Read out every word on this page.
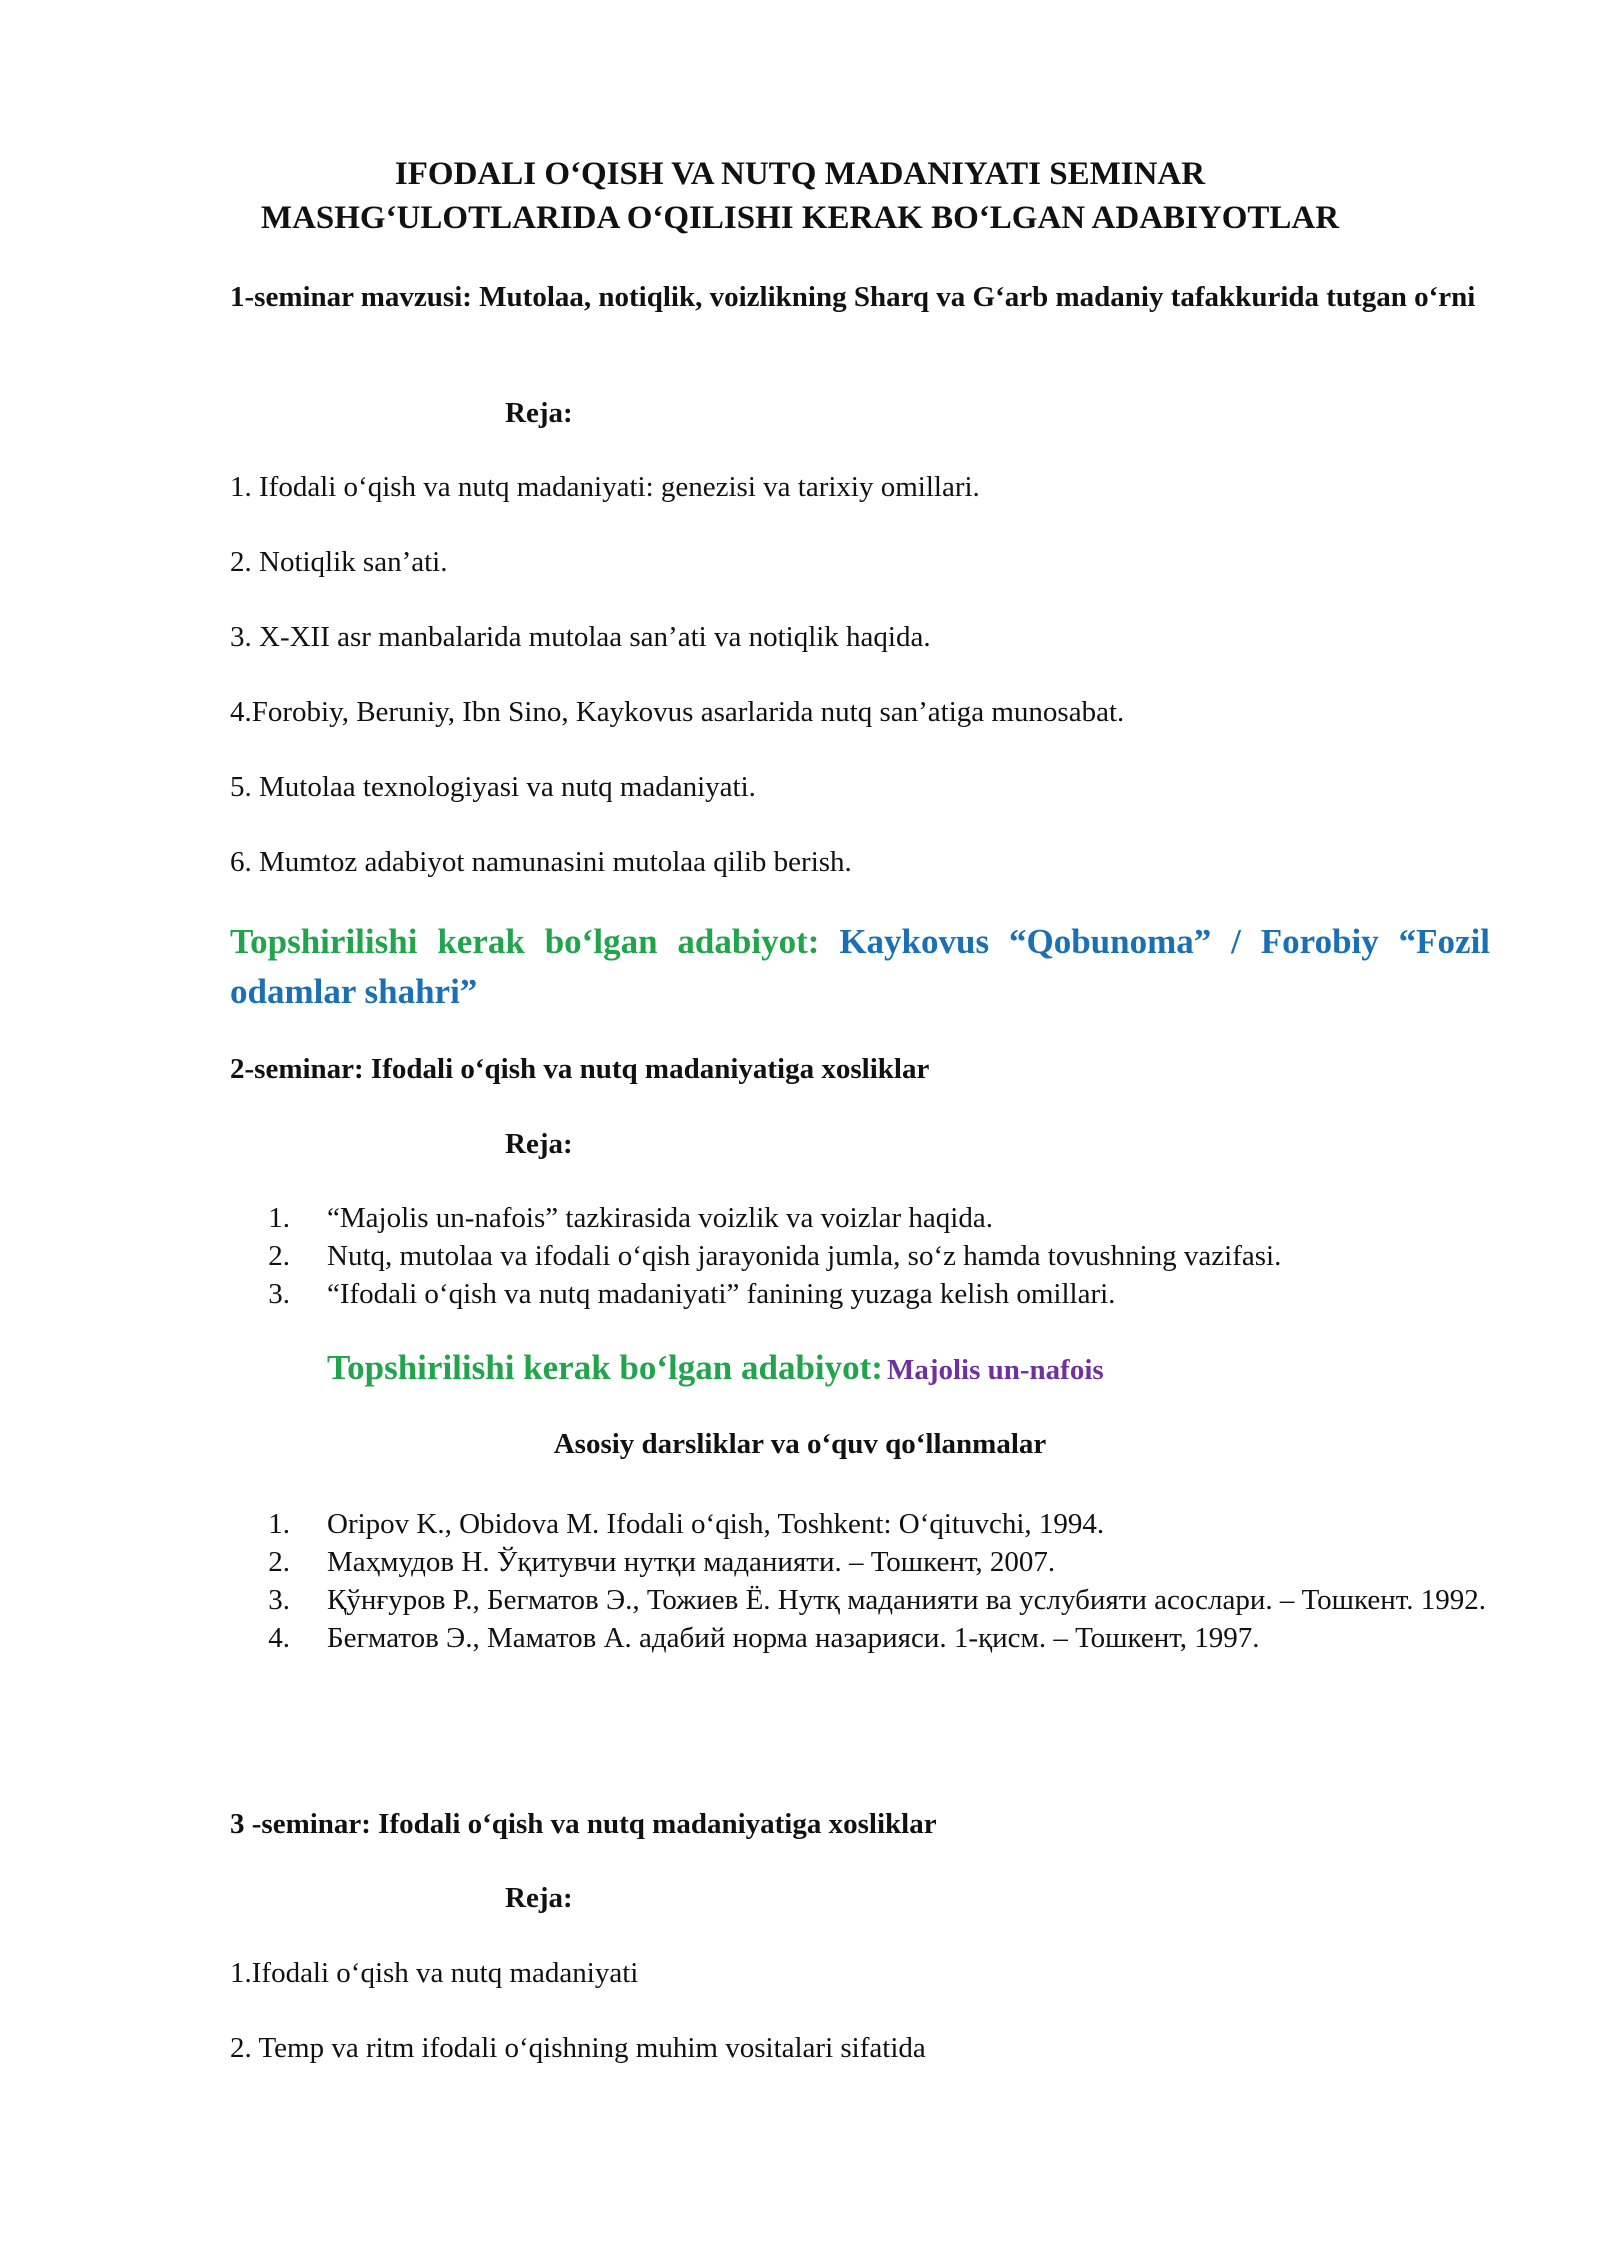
IFODALI O‘QISH VA NUTQ MADANIYATI SEMINAR
MASHG‘ULOTLARIDA O‘QILISHI KERAK BO‘LGAN ADABIYOTLAR
1-seminar mavzusi: Mutolaa, notiqlik, voizlikning Sharq va G‘arb madaniy tafakkurida tutgan o‘rni
Reja:
1. Ifodali o‘qish va nutq madaniyati: genezisi va tarixiy omillari.
2. Notiqlik san’ati.
3. X-XII asr manbalarida mutolaa san’ati va notiqlik haqida.
4.Forobiy, Beruniy, Ibn Sino, Kaykovus asarlarida nutq san’atiga munosabat.
5. Mutolaa texnologiyasi va nutq madaniyati.
6. Mumtoz adabiyot namunasini mutolaa qilib berish.
Topshirilishi kerak bo‘lgan adabiyot: Kaykovus “Qobunoma” / Forobiy “Fozil odamlar shahri”
2-seminar: Ifodali o‘qish va nutq madaniyatiga xosliklar
Reja:
1. “Majolis un-nafois” tazkirasida voizlik va voizlar haqida.
2. Nutq, mutolaa va ifodali o‘qish jarayonida jumla, so‘z hamda tovushning vazifasi.
3. “Ifodali o‘qish va nutq madaniyati” fanining yuzaga kelish omillari.
Topshirilishi kerak bo‘lgan adabiyot: Majolis un-nafois
Asosiy darsliklar va o‘quv qo‘llanmalar
1. Oripov K., Obidova M. Ifodali o‘qish, Toshkent: O‘qituvchi, 1994.
2. Маҳмудов Н. Ўқитувчи нутқи маданияти. – Тошкент, 2007.
3. Қўнғуров Р., Бегматов Э., Тожиев Ё. Нутқ маданияти ва услубияти асослари. – Тошкент. 1992.
4. Бегматов Э., Маматов А. адабий норма назарияси. 1-қисм. – Тошкент, 1997.
3 -seminar: Ifodali o‘qish va nutq madaniyatiga xosliklar
Reja:
1.Ifodali o‘qish va nutq madaniyati
2. Temp va ritm ifodali o‘qishning muhim vositalari sifatida
